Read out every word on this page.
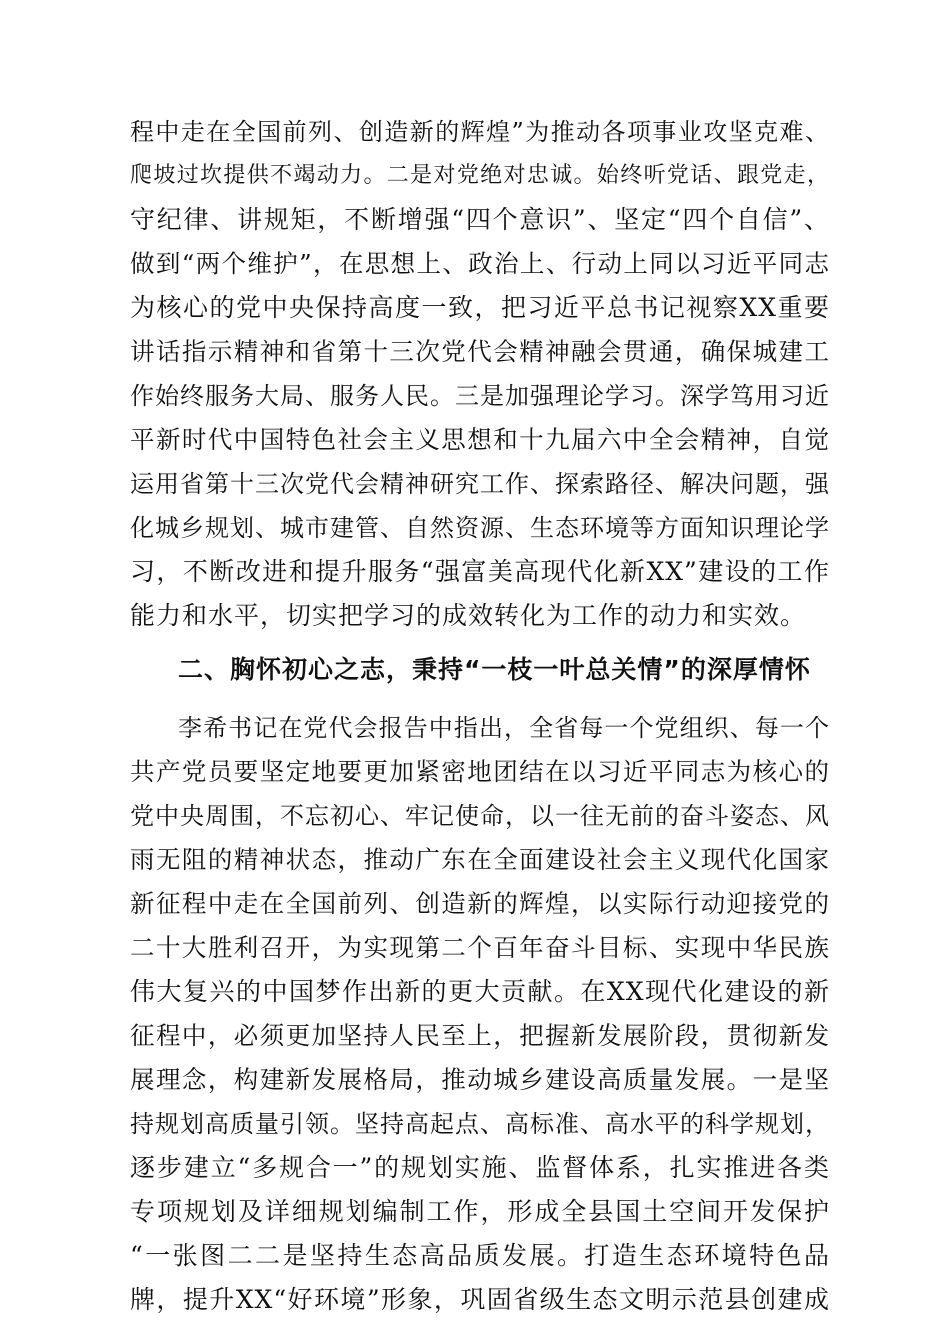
程中走在全国前列、创造新的辉煌”为推动各项事业攻坚克难、
爬坡过坎提供不竭动力。二是对党绝对忠诚。始终听党话、跟党走，
守纪律、讲规矩，不断增强“四个意识”、坚定“四个自信”、
做到“两个维护”，在思想上、政治上、行动上同以习近平同志
为核心的党中央保持高度一致，把习近平总书记视察XX重要
讲话指示精神和省第十三次党代会精神融会贯通，确保城建工
作始终服务大局、服务人民。三是加强理论学习。深学笃用习近
平新时代中国特色社会主义思想和十九届六中全会精神，自觉
运用省第十三次党代会精神研究工作、探索路径、解决问题，强
化城乡规划、城市建管、自然资源、生态环境等方面知识理论学
习，不断改进和提升服务“强富美高现代化新XX”建设的工作
能力和水平，切实把学习的成效转化为工作的动力和实效。
二、胸怀初心之志，秉持“一枝一叶总关情”的深厚情怀
李希书记在党代会报告中指出，全省每一个党组织、每一个
共产党员要坚定地要更加紧密地团结在以习近平同志为核心的
党中央周围，不忘初心、牢记使命，以一往无前的奋斗姿态、风
雨无阻的精神状态，推动广东在全面建设社会主义现代化国家
新征程中走在全国前列、创造新的辉煌，以实际行动迎接党的
二十大胜利召开，为实现第二个百年奋斗目标、实现中华民族
伟大复兴的中国梦作出新的更大贡献。在XX现代化建设的新
征程中，必须更加坚持人民至上，把握新发展阶段，贯彻新发
展理念，构建新发展格局，推动城乡建设高质量发展。一是坚
持规划高质量引领。坚持高起点、高标准、高水平的科学规划，
逐步建立“多规合一”的规划实施、监督体系，扎实推进各类
专项规划及详细规划编制工作，形成全县国土空间开发保护
“一张图二二是坚持生态高品质发展。打造生态环境特色品
牌，提升XX“好环境”形象，巩固省级生态文明示范县创建成
